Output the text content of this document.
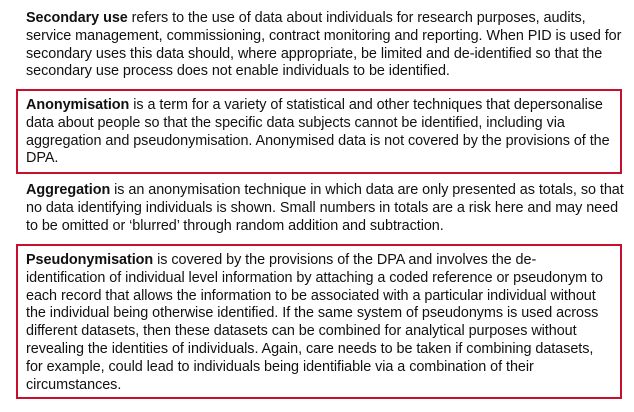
Secondary use refers to the use of data about individuals for research purposes, audits, service management, commissioning, contract monitoring and reporting. When PID is used for secondary uses this data should, where appropriate, be limited and de-identified so that the secondary use process does not enable individuals to be identified.

Anonymisation is a term for a variety of statistical and other techniques that depersonalise data about people so that the specific data subjects cannot be identified, including via aggregation and pseudonymisation. Anonymised data is not covered by the provisions of the DPA.

Aggregation is an anonymisation technique in which data are only presented as totals, so that no data identifying individuals is shown. Small numbers in totals are a risk here and may need to be omitted or ‘blurred’ through random addition and subtraction.

Pseudonymisation is covered by the provisions of the DPA and involves the de-identification of individual level information by attaching a coded reference or pseudonym to each record that allows the information to be associated with a particular individual without the individual being otherwise identified. If the same system of pseudonyms is used across different datasets, then these datasets can be combined for analytical purposes without revealing the identities of individuals. Again, care needs to be taken if combining datasets, for example, could lead to individuals being identifiable via a combination of their circumstances.
